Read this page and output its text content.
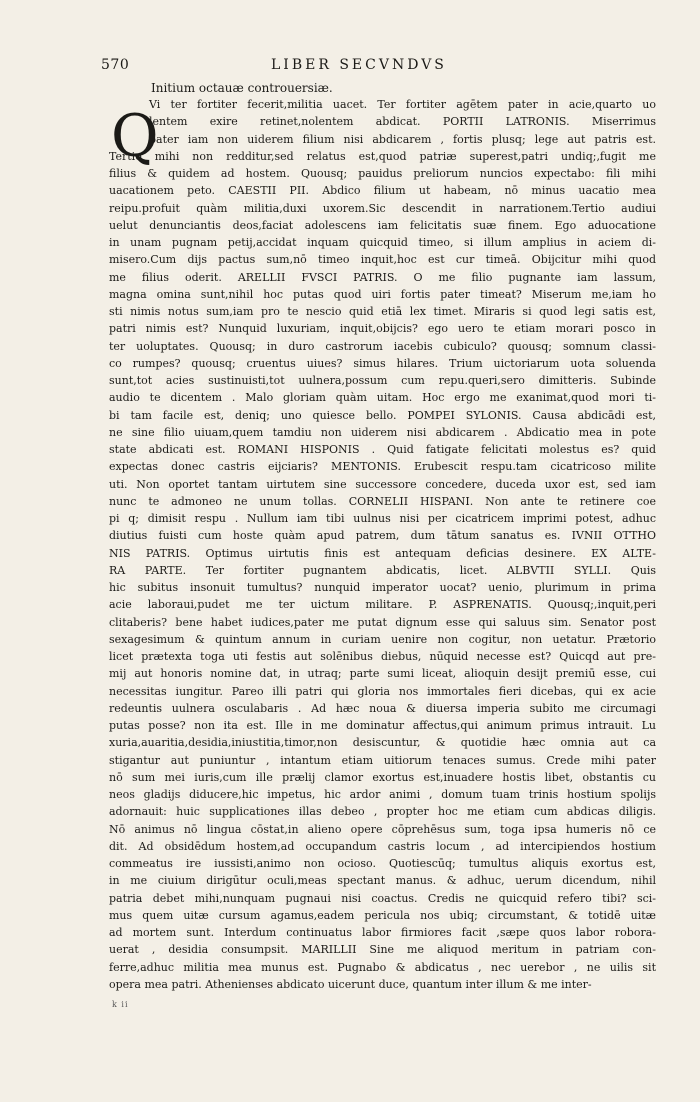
570	LIBER SECVNDVS
Initium octauæ controuersiæ.
Q
Vi ter fortiter fecerit,militia uacet. Ter fortiter agētem pater in acie,quarto uo
lentem exire retinet,nolentem abdicat. PORTII LATRONIS. Miserrimus
pater iam non uiderem filium nisi abdicarem , fortis plusq; lege aut patris est.
Tertio mihi non redditur,sed relatus est,quod patriæ superest,patri undiq;,fugit me
filius & quidem ad hostem. Quousq; pauidus preliorum nuncios expectabo: fili mihi
uacationem peto. CAESTII PII. Abdico filium ut habeam, nō minus uacatio mea
reipu.profuit quàm militia,duxi uxorem.Sic descendit in narrationem.Tertio audiui
uelut denunciantis deos,faciat adolescens iam felicitatis suæ finem. Ego aduocatione
in unam pugnam petij,accidat inquam quicquid timeo, si illum amplius in aciem di-
misero.Cum dijs pactus sum,nō timeo inquit,hoc est cur timeā. Obijcitur mihi quod
me filius oderit. ARELLII FVSCI PATRIS. O me filio pugnante iam lassum,
magna omina sunt,nihil hoc putas quod uiri fortis pater timeat? Miserum me,iam ho
sti nimis notus sum,iam pro te nescio quid etiā lex timet. Miraris si quod legi satis est,
patri nimis est? Nunquid luxuriam, inquit,obijcis? ego uero te etiam morari posco in
ter uoluptates. Quousq; in duro castrorum iacebis cubiculo? quousq; somnum classi-
co rumpes? quousq; cruentus uiues? simus hilares. Trium uictoriarum uota soluenda
sunt,tot acies sustinuisti,tot uulnera,possum cum repu.queri,sero dimitteris. Subinde
audio te dicentem . Malo gloriam quàm uitam. Hoc ergo me exanimat,quod mori ti-
bi tam facile est, deniq; uno quiesce bello. POMPEI SYLONIS. Causa abdicādi est,
ne sine filio uiuam,quem tamdiu non uiderem nisi abdicarem . Abdicatio mea in pote
state abdicati est. ROMANI HISPONIS . Quid fatigate felicitati molestus es? quid
expectas donec castris eijciaris? MENTONIS. Erubescit respu.tam cicatricoso milite
uti. Non oportet tantam uirtutem sine successore concedere, duceda uxor est, sed iam
nunc te admoneo ne unum tollas. CORNELII HISPANI. Non ante te retinere coe
pi q; dimisit respu . Nullum iam tibi uulnus nisi per cicatricem imprimi potest, adhuc
diutius fuisti cum hoste quàm apud patrem, dum tātum sanatus es. IVNII OTTHO
NIS PATRIS. Optimus uirtutis finis est antequam deficias desinere. EX ALTE-
RA PARTE. Ter fortiter pugnantem abdicatis, licet. ALBVTII SYLLI. Quis
hic subitus insonuit tumultus? nunquid imperator uocat? uenio, plurimum in prima
acie laboraui,pudet me ter uictum militare. P. ASPRENATIS. Quousq;,inquit,peri
clitaberis? bene habet iudices,pater me putat dignum esse qui saluus sim. Senator post
sexagesimum & quintum annum in curiam uenire non cogitur, non uetatur. Prætorio
licet prætexta toga uti festis aut solēnibus diebus, nūquid necesse est? Quicqd aut pre-
mij aut honoris nomine dat, in utraq; parte sumi liceat, alioquin desijt premiū esse, cui
necessitas iungitur. Pareo illi patri qui gloria nos immortales fieri dicebas, qui ex acie
redeuntis uulnera osculabaris . Ad hæc noua & diuersa imperia subito me circumagi
putas posse? non ita est. Ille in me dominatur affectus,qui animum primus intrauit. Lu
xuria,auaritia,desidia,iniustitia,timor,non desiscuntur, & quotidie hæc omnia aut ca
stigantur aut puniuntur , intantum etiam uitiorum tenaces sumus. Crede mihi pater
nō sum mei iuris,cum ille prælij clamor exortus est,inuadere hostis libet, obstantis cu
neos gladijs diducere,hic impetus, hic ardor animi , domum tuam trinis hostium spolijs
adornauit: huic supplicationes illas debeo , propter hoc me etiam cum abdicas diligis.
Nō animus nō lingua cōstat,in alieno opere cōprehēsus sum, toga ipsa humeris nō ce
dit. Ad obsidēdum hostem,ad occupandum castris locum , ad intercipiendos hostium
commeatus ire iussisti,animo non ocioso. Quotiescūq; tumultus aliquis exortus est,
in me ciuium dirigūtur oculi,meas spectant manus. & adhuc, uerum dicendum, nihil
patria debet mihi,nunquam pugnaui nisi coactus. Credis ne quicquid refero tibi? sci-
mus quem uitæ cursum agamus,eadem pericula nos ubiq; circumstant, & totidē uitæ
ad mortem sunt. Interdum continuatus labor firmiores facit ,sæpe quos labor robora-
uerat , desidia consumpsit. MARILLII Sine me aliquod meritum in patriam con-
ferre,adhuc militia mea munus est. Pugnabo & abdicatus , nec uerebor , ne uilis sit
opera mea patri. Athenienses abdicato uicerunt duce, quantum inter illum & me inter-
k ii
